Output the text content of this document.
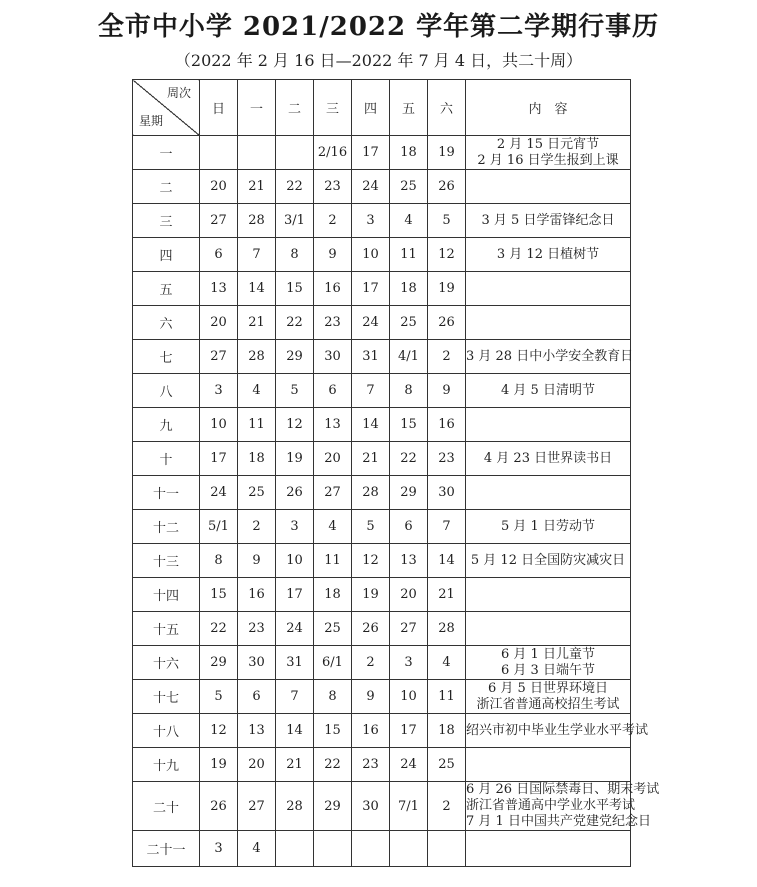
全市中小学 2021/2022 学年第二学期行事历
（2022 年 2 月 16 日—2022 年 7 月 4 日，共二十周）
周次
星期	日	一	二	三	四	五	六	内　容
一				2/16	17	18	19	2 月 15 日元宵节
2 月 16 日学生报到上课

二	20	21	22	23	24	25	26	
三	27	28	3/1	2	3	4	5	3 月 5 日学雷锋纪念日

四	6	7	8	9	10	11	12	3 月 12 日植树节

五	13	14	15	16	17	18	19	
六	20	21	22	23	24	25	26	
七	27	28	29	30	31	4/1	2	3 月 28 日中小学安全教育日

八	3	4	5	6	7	8	9	4 月 5 日清明节

九	10	11	12	13	14	15	16	
十	17	18	19	20	21	22	23	4 月 23 日世界读书日

十一	24	25	26	27	28	29	30	
十二	5/1	2	3	4	5	6	7	5 月 1 日劳动节

十三	8	9	10	11	12	13	14	5 月 12 日全国防灾减灾日

十四	15	16	17	18	19	20	21	
十五	22	23	24	25	26	27	28	
十六	29	30	31	6/1	2	3	4	6 月 1 日儿童节
6 月 3 日端午节

十七	5	6	7	8	9	10	11	6 月 5 日世界环境日
浙江省普通高校招生考试

十八	12	13	14	15	16	17	18	绍兴市初中毕业生学业水平考试

十九	19	20	21	22	23	24	25	
二十	26	27	28	29	30	7/1	2	6 月 26 日国际禁毒日、期末考试
浙江省普通高中学业水平考试
7 月 1 日中国共产党建党纪念日

二十一	3	4						
